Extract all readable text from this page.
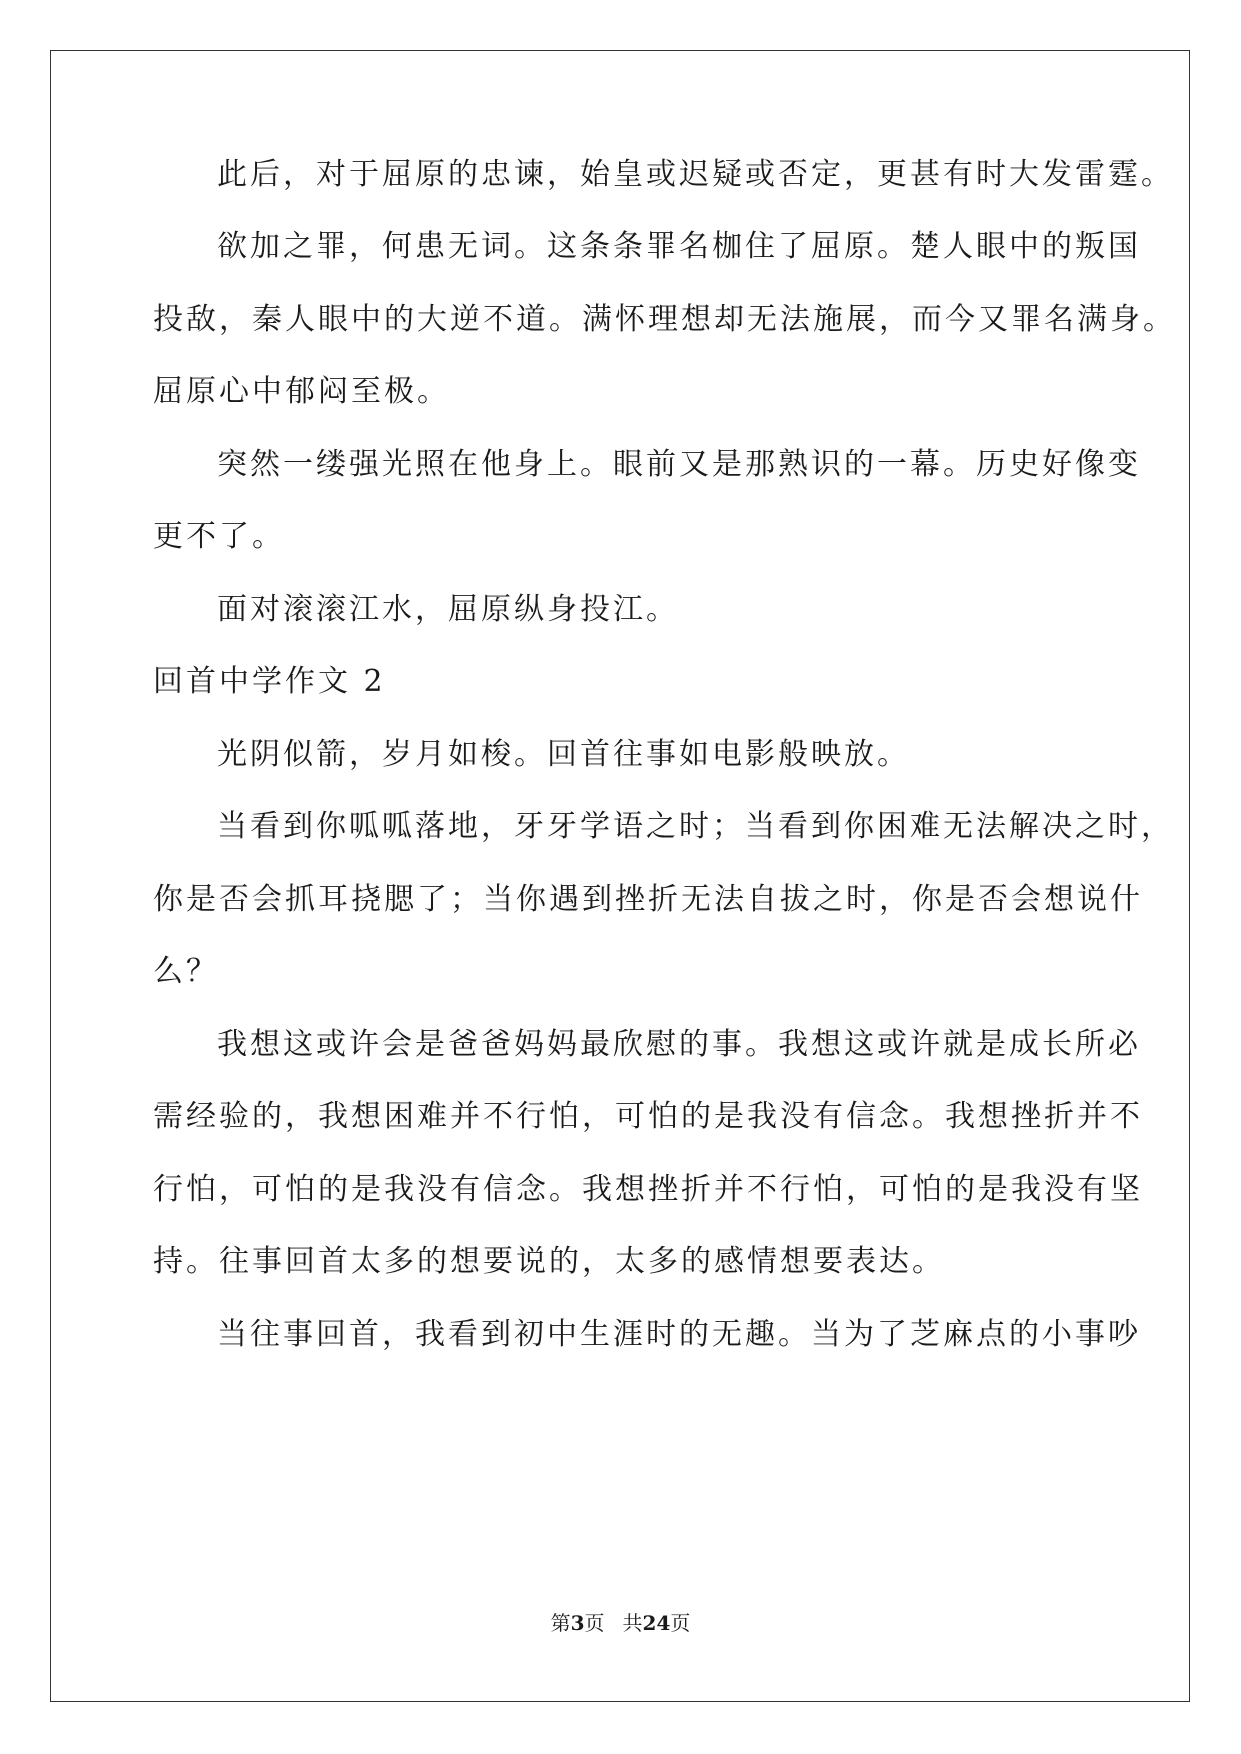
此后，对于屈原的忠谏，始皇或迟疑或否定，更甚有时大发雷霆。
欲加之罪，何患无词。这条条罪名枷住了屈原。楚人眼中的叛国
投敌，秦人眼中的大逆不道。满怀理想却无法施展，而今又罪名满身。
屈原心中郁闷至极。
突然一缕强光照在他身上。眼前又是那熟识的一幕。历史好像变
更不了。
面对滚滚江水，屈原纵身投江。
回首中学作文 2
光阴似箭，岁月如梭。回首往事如电影般映放。
当看到你呱呱落地，牙牙学语之时；当看到你困难无法解决之时，
你是否会抓耳挠腮了；当你遇到挫折无法自拔之时，你是否会想说什
么？
我想这或许会是爸爸妈妈最欣慰的事。我想这或许就是成长所必
需经验的，我想困难并不行怕，可怕的是我没有信念。我想挫折并不
行怕，可怕的是我没有信念。我想挫折并不行怕，可怕的是我没有坚
持。往事回首太多的想要说的，太多的感情想要表达。
当往事回首，我看到初中生涯时的无趣。当为了芝麻点的小事吵
第3页 共24页
